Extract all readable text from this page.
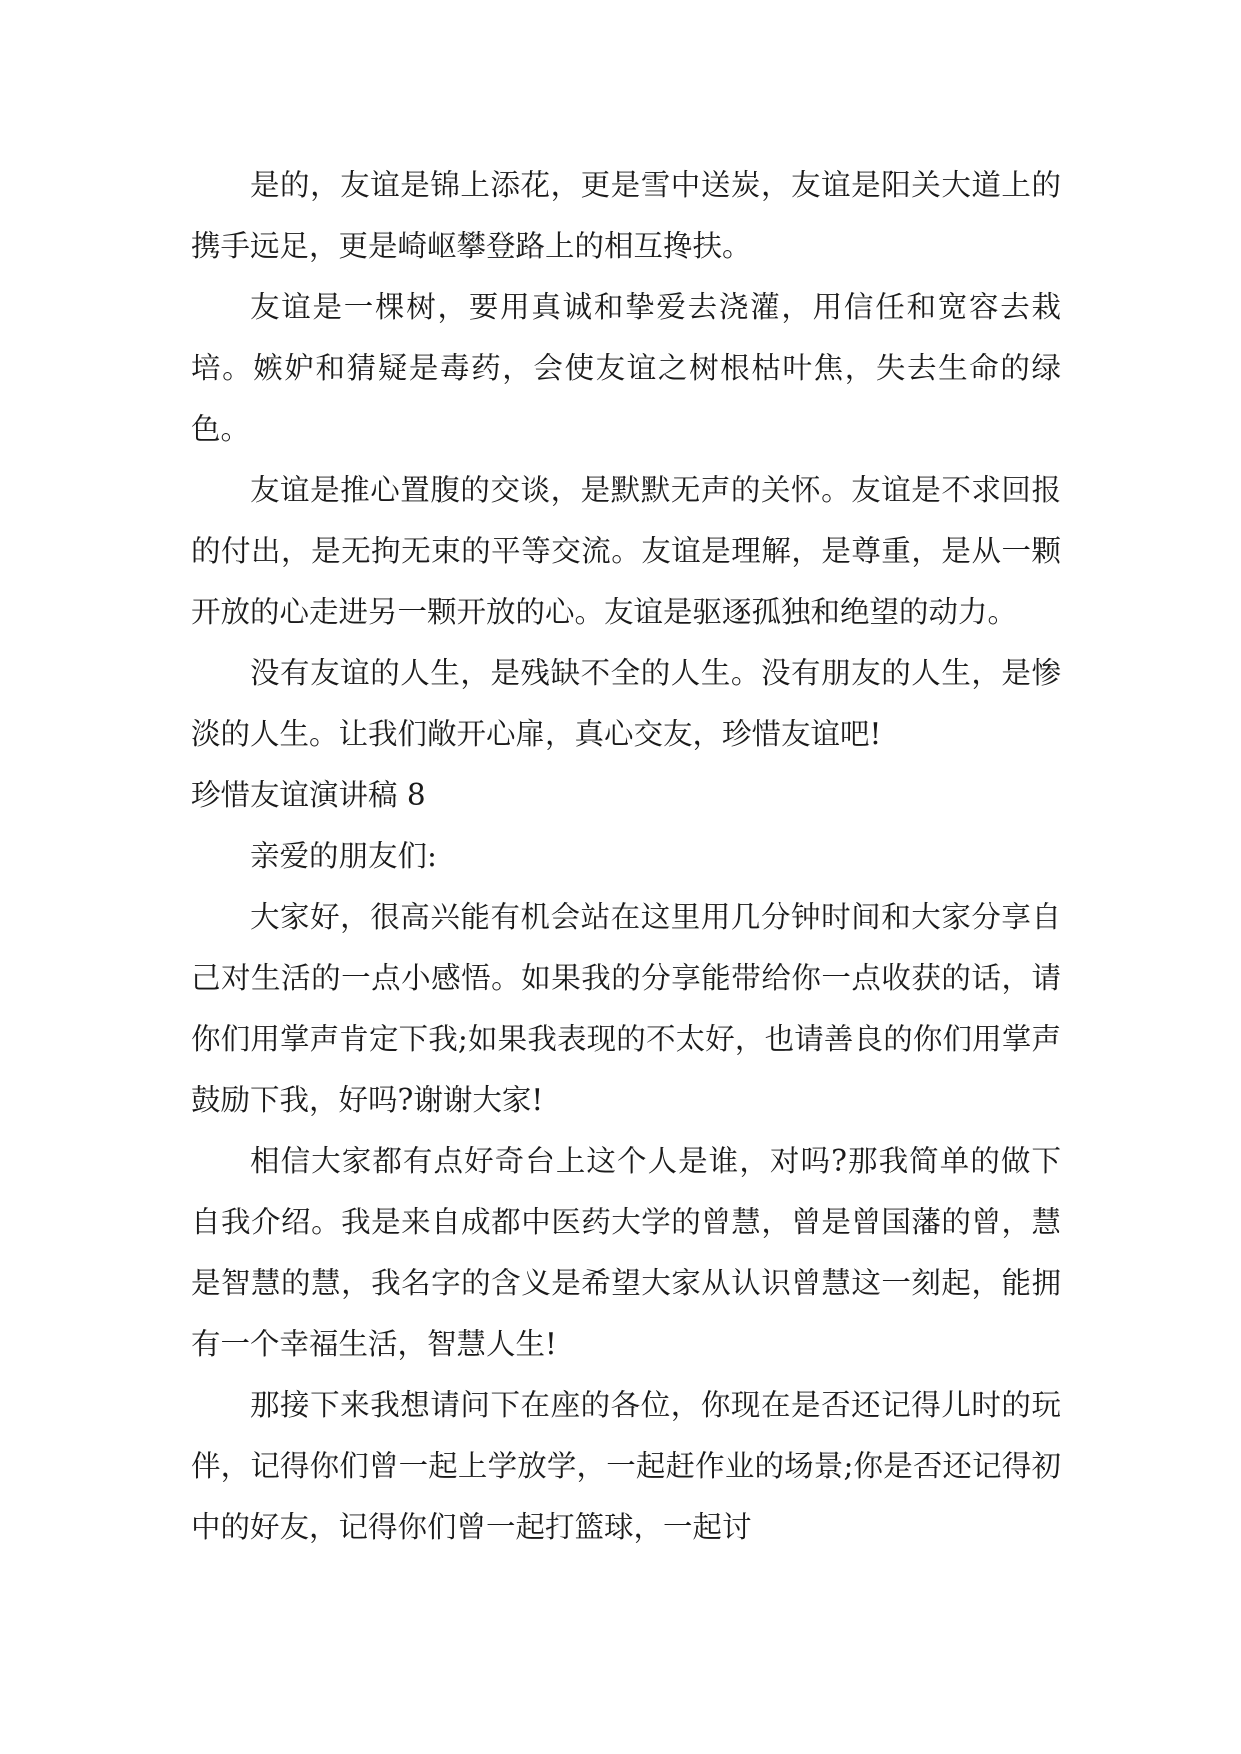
是的，友谊是锦上添花，更是雪中送炭，友谊是阳关大道上的携手远足，更是崎岖攀登路上的相互搀扶。

友谊是一棵树，要用真诚和挚爱去浇灌，用信任和宽容去栽培。嫉妒和猜疑是毒药，会使友谊之树根枯叶焦，失去生命的绿色。

友谊是推心置腹的交谈，是默默无声的关怀。友谊是不求回报的付出，是无拘无束的平等交流。友谊是理解，是尊重，是从一颗开放的心走进另一颗开放的心。友谊是驱逐孤独和绝望的动力。

没有友谊的人生，是残缺不全的人生。没有朋友的人生，是惨淡的人生。让我们敞开心扉，真心交友，珍惜友谊吧!

珍惜友谊演讲稿 8

亲爱的朋友们:

大家好，很高兴能有机会站在这里用几分钟时间和大家分享自己对生活的一点小感悟。如果我的分享能带给你一点收获的话，请你们用掌声肯定下我;如果我表现的不太好，也请善良的你们用掌声鼓励下我，好吗?谢谢大家!

相信大家都有点好奇台上这个人是谁，对吗?那我简单的做下自我介绍。我是来自成都中医药大学的曾慧，曾是曾国藩的曾，慧是智慧的慧，我名字的含义是希望大家从认识曾慧这一刻起，能拥有一个幸福生活，智慧人生!

那接下来我想请问下在座的各位，你现在是否还记得儿时的玩伴，记得你们曾一起上学放学，一起赶作业的场景;你是否还记得初中的好友，记得你们曾一起打篮球，一起讨
